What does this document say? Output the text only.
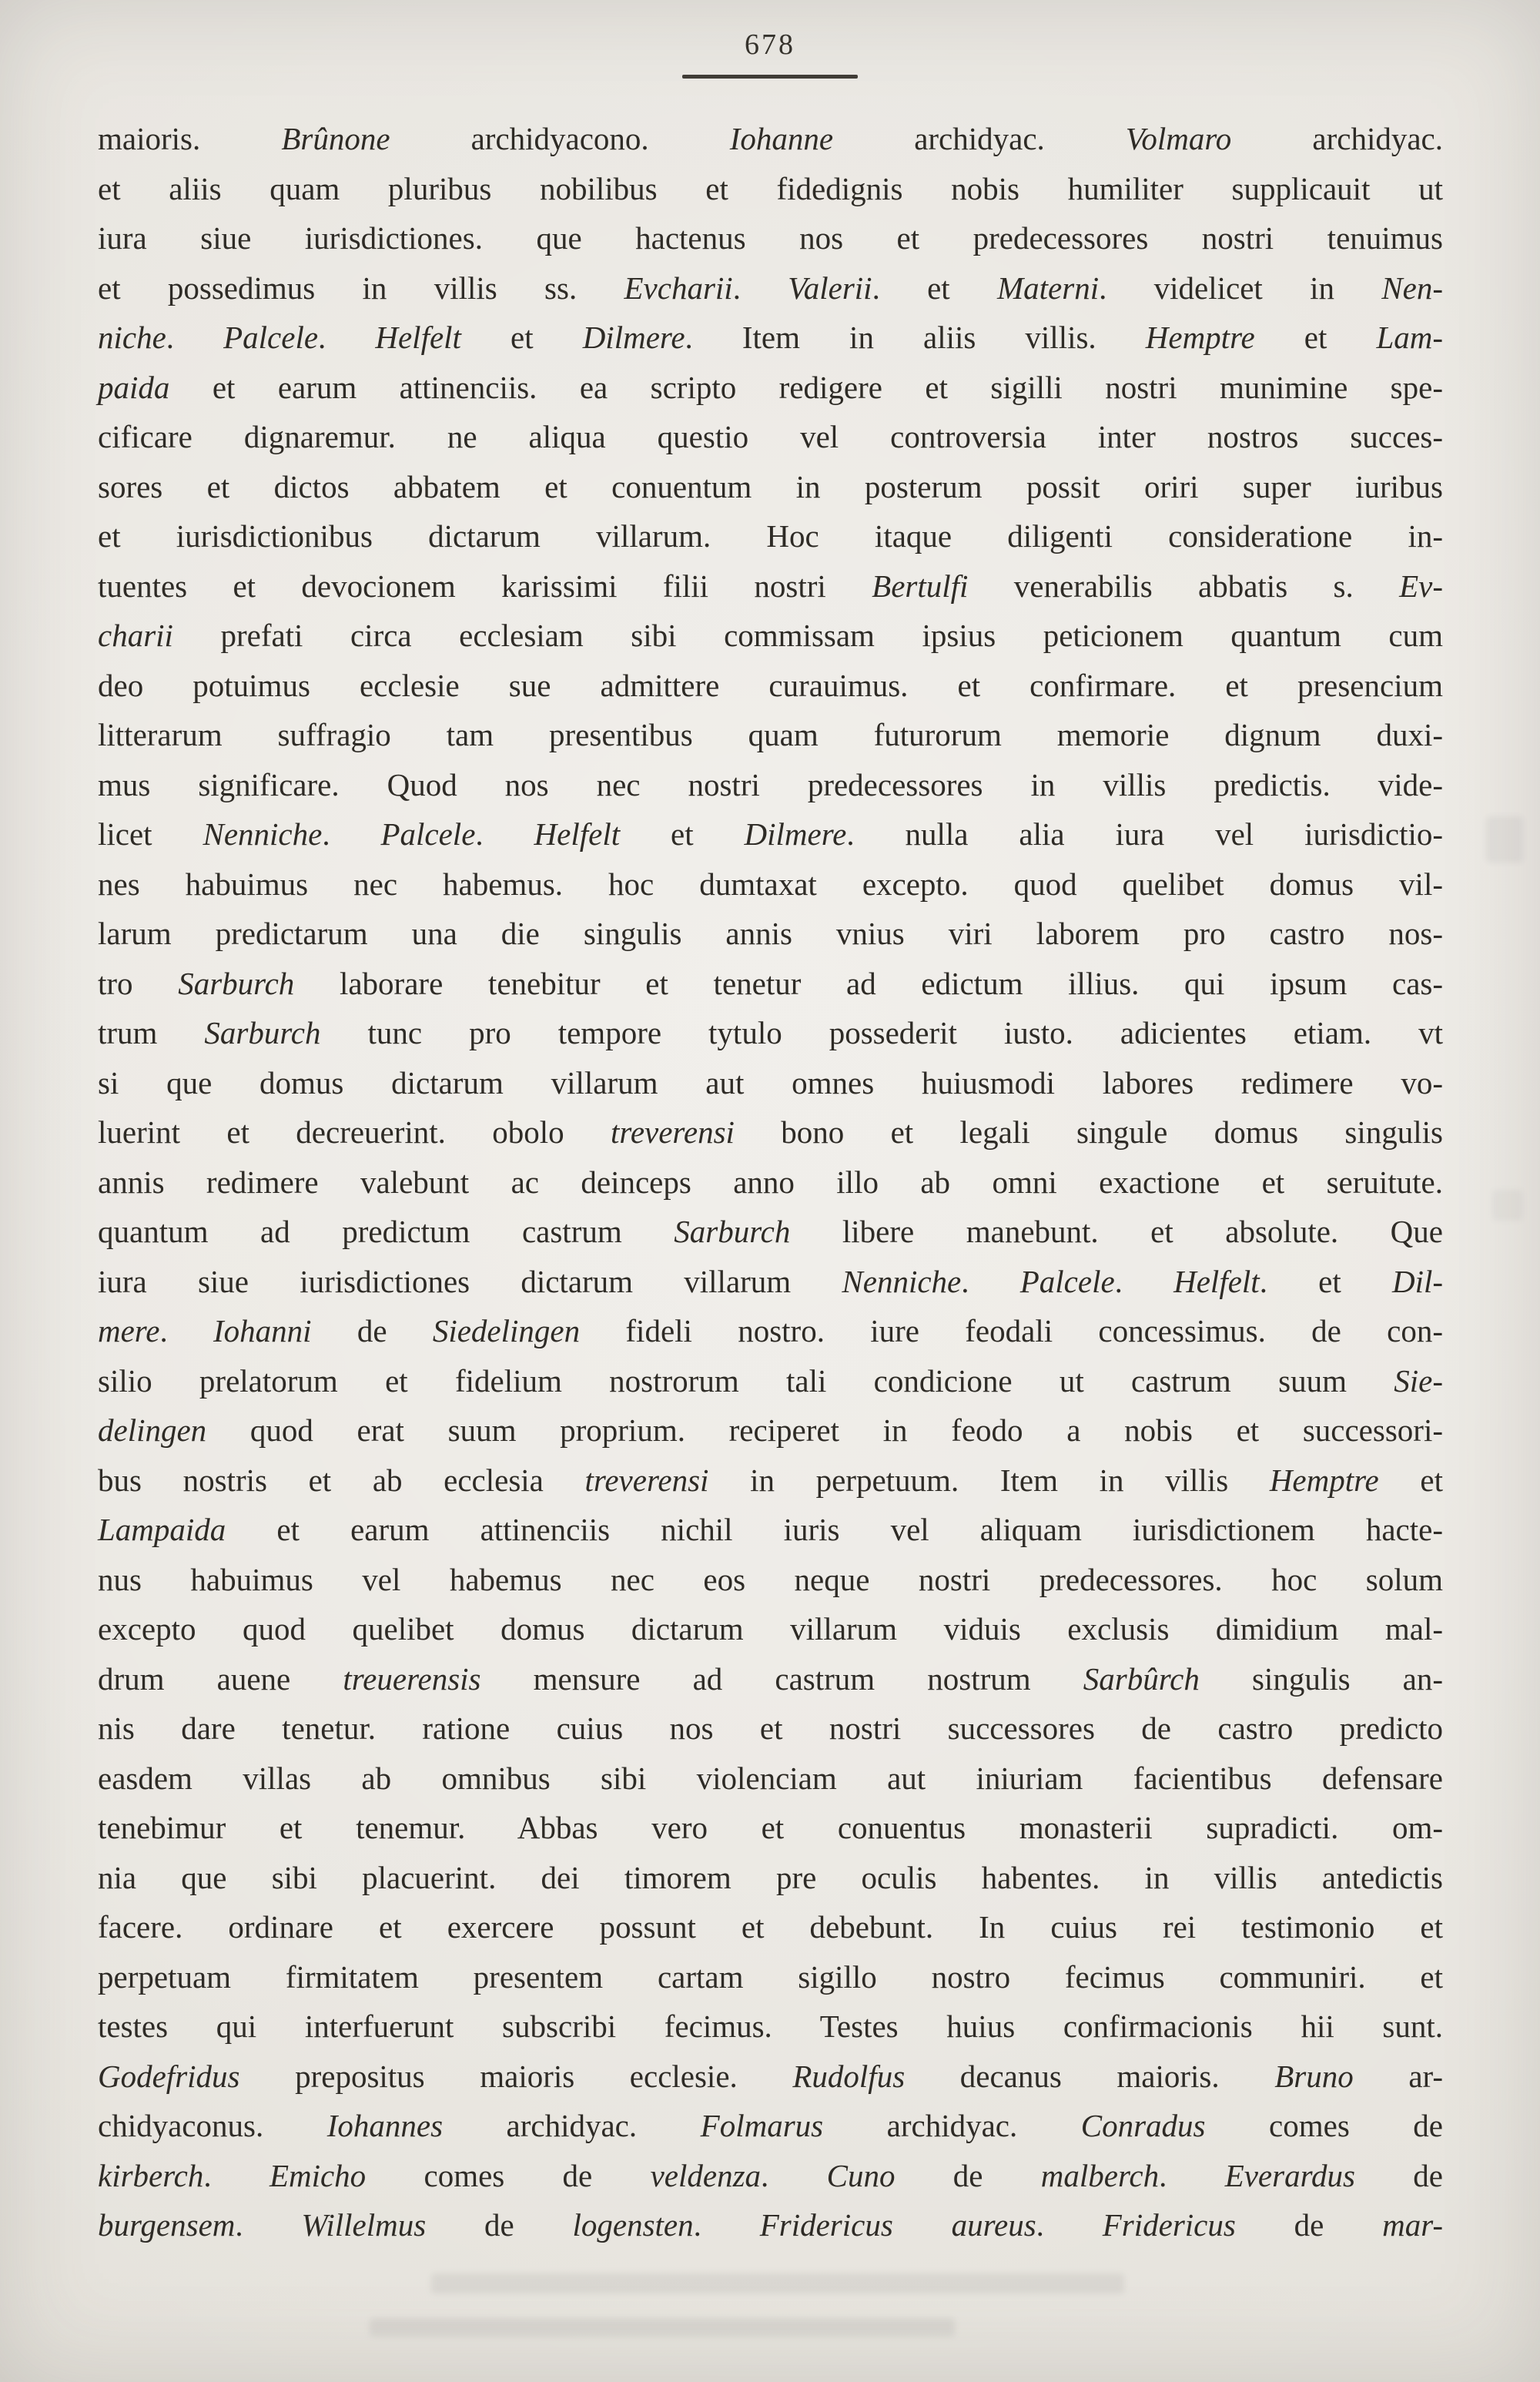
678
maioris. Brûnone archidyacono. Iohanne archidyac. Volmaro archidyac.
et aliis quam pluribus nobilibus et fidedignis nobis humiliter supplicauit ut
iura siue iurisdictiones. que hactenus nos et predecessores nostri tenuimus
et possedimus in villis ss. Evcharii. Valerii. et Materni. videlicet in Nen-
niche. Palcele. Helfelt et Dilmere. Item in aliis villis. Hemptre et Lam-
paida et earum attinenciis. ea scripto redigere et sigilli nostri munimine spe-
cificare dignaremur. ne aliqua questio vel controversia inter nostros succes-
sores et dictos abbatem et conuentum in posterum possit oriri super iuribus
et iurisdictionibus dictarum villarum. Hoc itaque diligenti consideratione in-
tuentes et devocionem karissimi filii nostri Bertulfi venerabilis abbatis s. Ev-
charii prefati circa ecclesiam sibi commissam ipsius peticionem quantum cum
deo potuimus ecclesie sue admittere curauimus. et confirmare. et presencium
litterarum suffragio tam presentibus quam futurorum memorie dignum duxi-
mus significare. Quod nos nec nostri predecessores in villis predictis. vide-
licet Nenniche. Palcele. Helfelt et Dilmere. nulla alia iura vel iurisdictio-
nes habuimus nec habemus. hoc dumtaxat excepto. quod quelibet domus vil-
larum predictarum una die singulis annis vnius viri laborem pro castro nos-
tro Sarburch laborare tenebitur et tenetur ad edictum illius. qui ipsum cas-
trum Sarburch tunc pro tempore tytulo possederit iusto. adicientes etiam. vt
si que domus dictarum villarum aut omnes huiusmodi labores redimere vo-
luerint et decreuerint. obolo treverensi bono et legali singule domus singulis
annis redimere valebunt ac deinceps anno illo ab omni exactione et seruitute.
quantum ad predictum castrum Sarburch libere manebunt. et absolute. Que
iura siue iurisdictiones dictarum villarum Nenniche. Palcele. Helfelt. et Dil-
mere. Iohanni de Siedelingen fideli nostro. iure feodali concessimus. de con-
silio prelatorum et fidelium nostrorum tali condicione ut castrum suum Sie-
delingen quod erat suum proprium. reciperet in feodo a nobis et successori-
bus nostris et ab ecclesia treverensi in perpetuum. Item in villis Hemptre et
Lampaida et earum attinenciis nichil iuris vel aliquam iurisdictionem hacte-
nus habuimus vel habemus nec eos neque nostri predecessores. hoc solum
excepto quod quelibet domus dictarum villarum viduis exclusis dimidium mal-
drum auene treuerensis mensure ad castrum nostrum Sarbûrch singulis an-
nis dare tenetur. ratione cuius nos et nostri successores de castro predicto
easdem villas ab omnibus sibi violenciam aut iniuriam facientibus defensare
tenebimur et tenemur. Abbas vero et conuentus monasterii supradicti. om-
nia que sibi placuerint. dei timorem pre oculis habentes. in villis antedictis
facere. ordinare et exercere possunt et debebunt. In cuius rei testimonio et
perpetuam firmitatem presentem cartam sigillo nostro fecimus communiri. et
testes qui interfuerunt subscribi fecimus. Testes huius confirmacionis hii sunt.
Godefridus prepositus maioris ecclesie. Rudolfus decanus maioris. Bruno ar-
chidyaconus. Iohannes archidyac. Folmarus archidyac. Conradus comes de
kirberch. Emicho comes de veldenza. Cuno de malberch. Everardus de
burgensem. Willelmus de logensten. Fridericus aureus. Fridericus de mar-
